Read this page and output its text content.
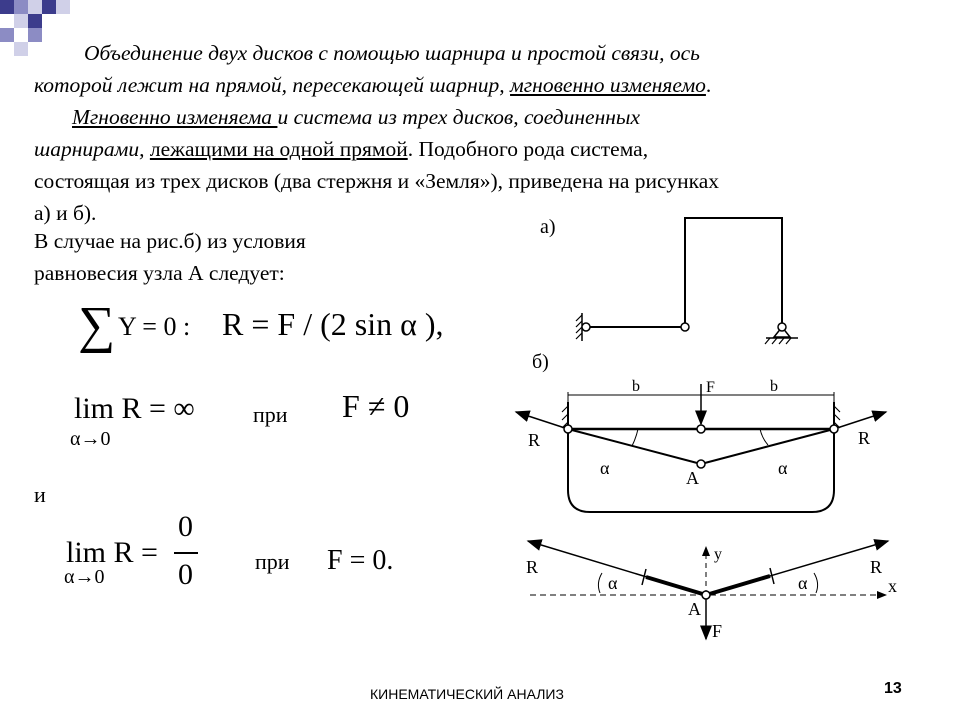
Объединение двух дисков с помощью шарнира и простой связи, ось
которой лежит на прямой, пересекающей шарнир, мгновенно изменяемо.
Мгновенно изменяема и система из трех дисков, соединенных
шарнирами, лежащими на одной прямой. Подобного рода система,
состоящая из трех дисков (два стержня и «Земля»), приведена на рисунках
а) и б).
В случае на рис.б) из условия
равновесия узла А следует:
∑ Y = 0 : R = F / (2 sin α ),
lim R = ∞
α→0
при F ≠ 0
и
lim R =
0
0
α→0
при F = 0.
а)
б)
b	b
F
R	R
α	α
A
x
y
F
R	R
α	α
A
КИНЕМАТИЧЕСКИЙ АНАЛИЗ	13
